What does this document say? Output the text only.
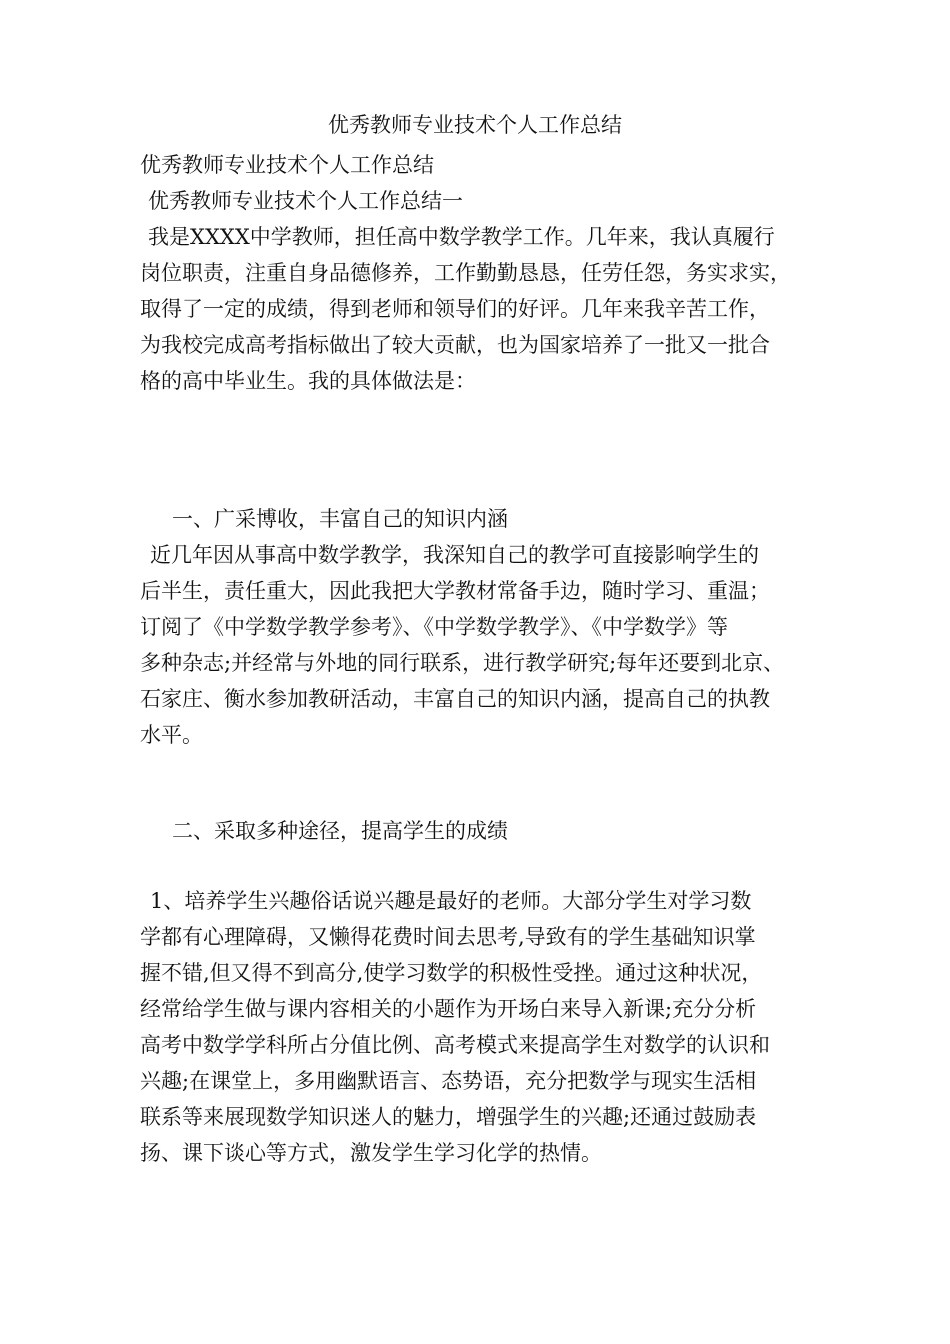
优秀教师专业技术个人工作总结

优秀教师专业技术个人工作总结

优秀教师专业技术个人工作总结一

我是XXXX中学教师，担任高中数学教学工作。几年来，我认真履行

岗位职责，注重自身品德修养，工作勤勤恳恳，任劳任怨，务实求实，

取得了一定的成绩，得到老师和领导们的好评。几年来我辛苦工作，

为我校完成高考指标做出了较大贡献，也为国家培养了一批又一批合

格的高中毕业生。我的具体做法是：

一、广采博收，丰富自己的知识内涵

近几年因从事高中数学教学，我深知自己的教学可直接影响学生的

后半生，责任重大，因此我把大学教材常备手边，随时学习、重温；

订阅了《中学数学教学参考》、《中学数学教学》、《中学数学》等

多种杂志;并经常与外地的同行联系，进行教学研究;每年还要到北京、

石家庄、衡水参加教研活动，丰富自己的知识内涵，提高自己的执教

水平。

二、采取多种途径，提高学生的成绩

1、培养学生兴趣俗话说兴趣是最好的老师。大部分学生对学习数

学都有心理障碍，又懒得花费时间去思考,导致有的学生基础知识掌

握不错,但又得不到高分,使学习数学的积极性受挫。通过这种状况，

经常给学生做与课内容相关的小题作为开场白来导入新课;充分分析

高考中数学学科所占分值比例、高考模式来提高学生对数学的认识和

兴趣;在课堂上，多用幽默语言、态势语，充分把数学与现实生活相

联系等来展现数学知识迷人的魅力，增强学生的兴趣;还通过鼓励表

扬、课下谈心等方式，激发学生学习化学的热情。
